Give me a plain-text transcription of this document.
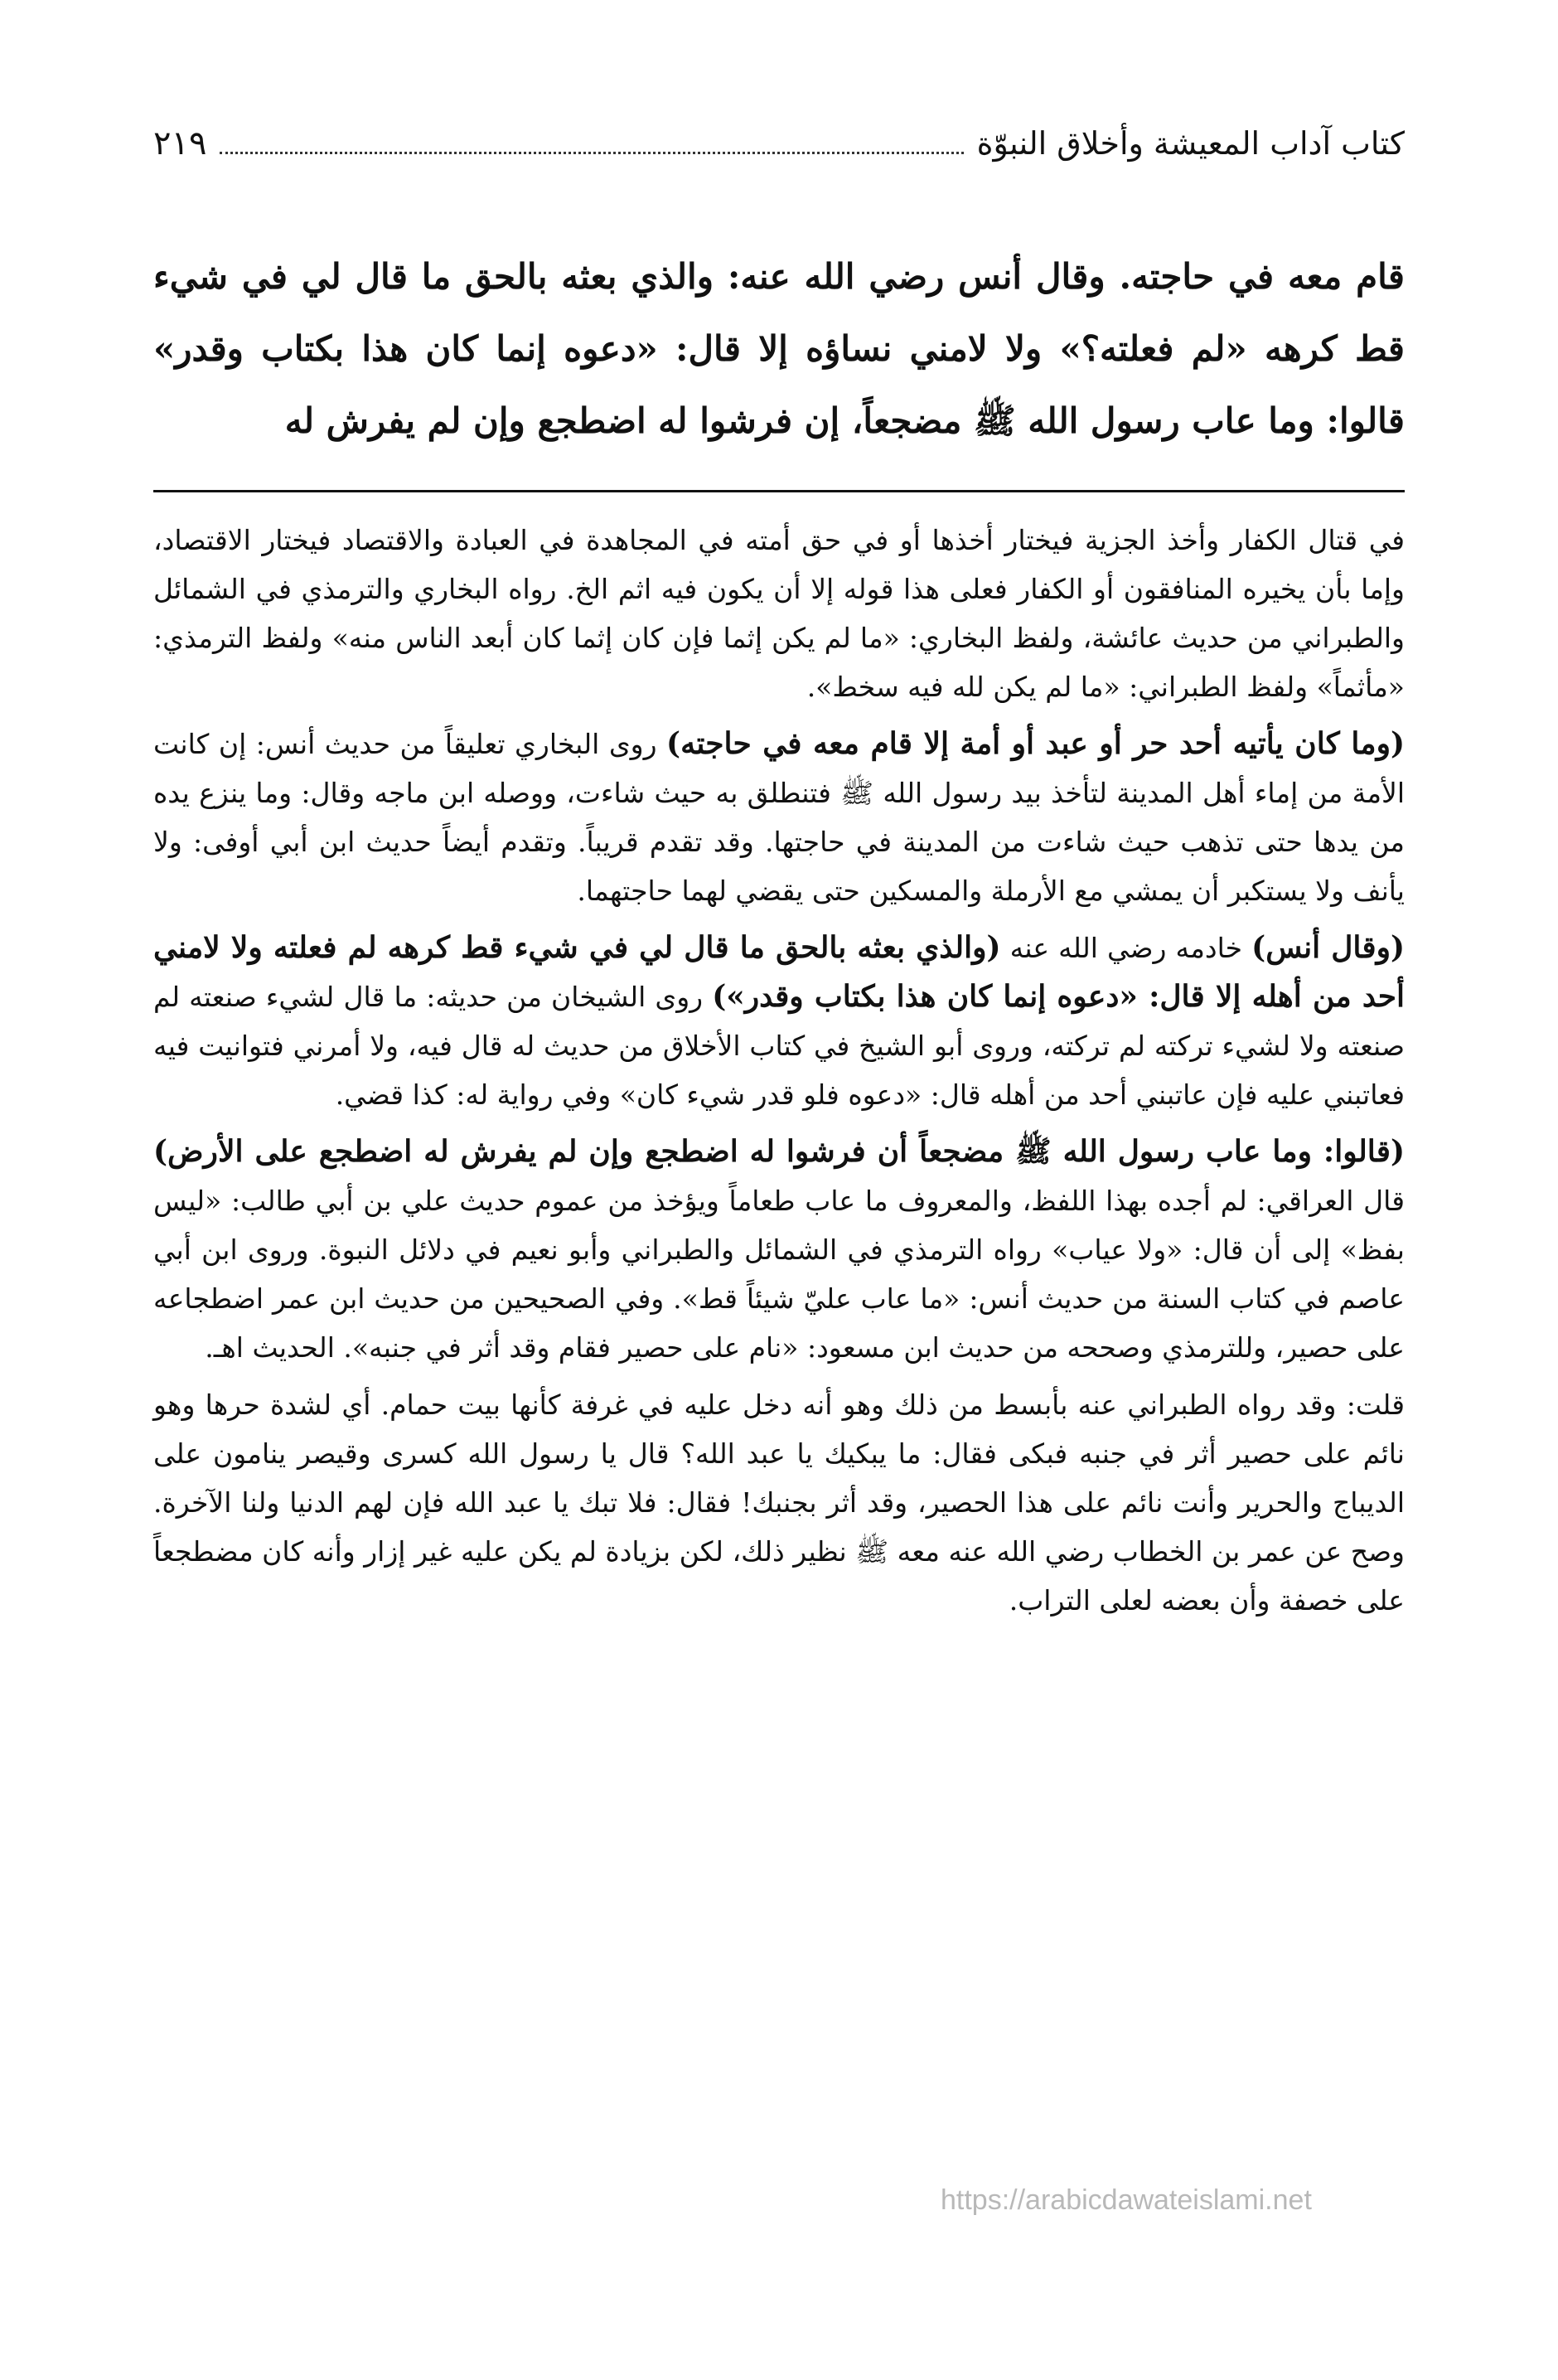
كتاب آداب المعيشة وأخلاق النبوّة
٢١٩

قام معه في حاجته. وقال أنس رضي الله عنه: والذي بعثه بالحق ما قال لي في شيء قط كرهه «لم فعلته؟» ولا لامني نساؤه إلا قال: «دعوه إنما كان هذا بكتاب وقدر» قالوا: وما عاب رسول الله ﷺ مضجعاً، إن فرشوا له اضطجع وإن لم يفرش له

في قتال الكفار وأخذ الجزية فيختار أخذها أو في حق أمته في المجاهدة في العبادة والاقتصاد فيختار الاقتصاد، وإما بأن يخيره المنافقون أو الكفار فعلى هذا قوله إلا أن يكون فيه اثم الخ. رواه البخاري والترمذي في الشمائل والطبراني من حديث عائشة، ولفظ البخاري: «ما لم يكن إثما فإن كان إثما كان أبعد الناس منه» ولفظ الترمذي: «مأثماً» ولفظ الطبراني: «ما لم يكن لله فيه سخط».

(وما كان يأتيه أحد حر أو عبد أو أمة إلا قام معه في حاجته) روى البخاري تعليقاً من حديث أنس: إن كانت الأمة من إماء أهل المدينة لتأخذ بيد رسول الله ﷺ فتنطلق به حيث شاءت، ووصله ابن ماجه وقال: وما ينزع يده من يدها حتى تذهب حيث شاءت من المدينة في حاجتها. وقد تقدم قريباً. وتقدم أيضاً حديث ابن أبي أوفى: ولا يأنف ولا يستكبر أن يمشي مع الأرملة والمسكين حتى يقضي لهما حاجتهما.

(وقال أنس) خادمه رضي الله عنه (والذي بعثه بالحق ما قال لي في شيء قط كرهه لم فعلته ولا لامني أحد من أهله إلا قال: «دعوه إنما كان هذا بكتاب وقدر») روى الشيخان من حديثه: ما قال لشيء صنعته لم صنعته ولا لشيء تركته لم تركته، وروى أبو الشيخ في كتاب الأخلاق من حديث له قال فيه، ولا أمرني فتوانيت فيه فعاتبني عليه فإن عاتبني أحد من أهله قال: «دعوه فلو قدر شيء كان» وفي رواية له: كذا قضي.

(قالوا: وما عاب رسول الله ﷺ مضجعاً أن فرشوا له اضطجع وإن لم يفرش له اضطجع على الأرض) قال العراقي: لم أجده بهذا اللفظ، والمعروف ما عاب طعاماً ويؤخذ من عموم حديث علي بن أبي طالب: «ليس بفظ» إلى أن قال: «ولا عياب» رواه الترمذي في الشمائل والطبراني وأبو نعيم في دلائل النبوة. وروى ابن أبي عاصم في كتاب السنة من حديث أنس: «ما عاب عليّ شيئاً قط». وفي الصحيحين من حديث ابن عمر اضطجاعه على حصير، وللترمذي وصححه من حديث ابن مسعود: «نام على حصير فقام وقد أثر في جنبه». الحديث اهـ.

قلت: وقد رواه الطبراني عنه بأبسط من ذلك وهو أنه دخل عليه في غرفة كأنها بيت حمام. أي لشدة حرها وهو نائم على حصير أثر في جنبه فبكى فقال: ما يبكيك يا عبد الله؟ قال يا رسول الله كسرى وقيصر ينامون على الديباج والحرير وأنت نائم على هذا الحصير، وقد أثر بجنبك! فقال: فلا تبك يا عبد الله فإن لهم الدنيا ولنا الآخرة. وصح عن عمر بن الخطاب رضي الله عنه معه ﷺ نظير ذلك، لكن بزيادة لم يكن عليه غير إزار وأنه كان مضطجعاً على خصفة وأن بعضه لعلى التراب.

https://arabicdawateislami.net
